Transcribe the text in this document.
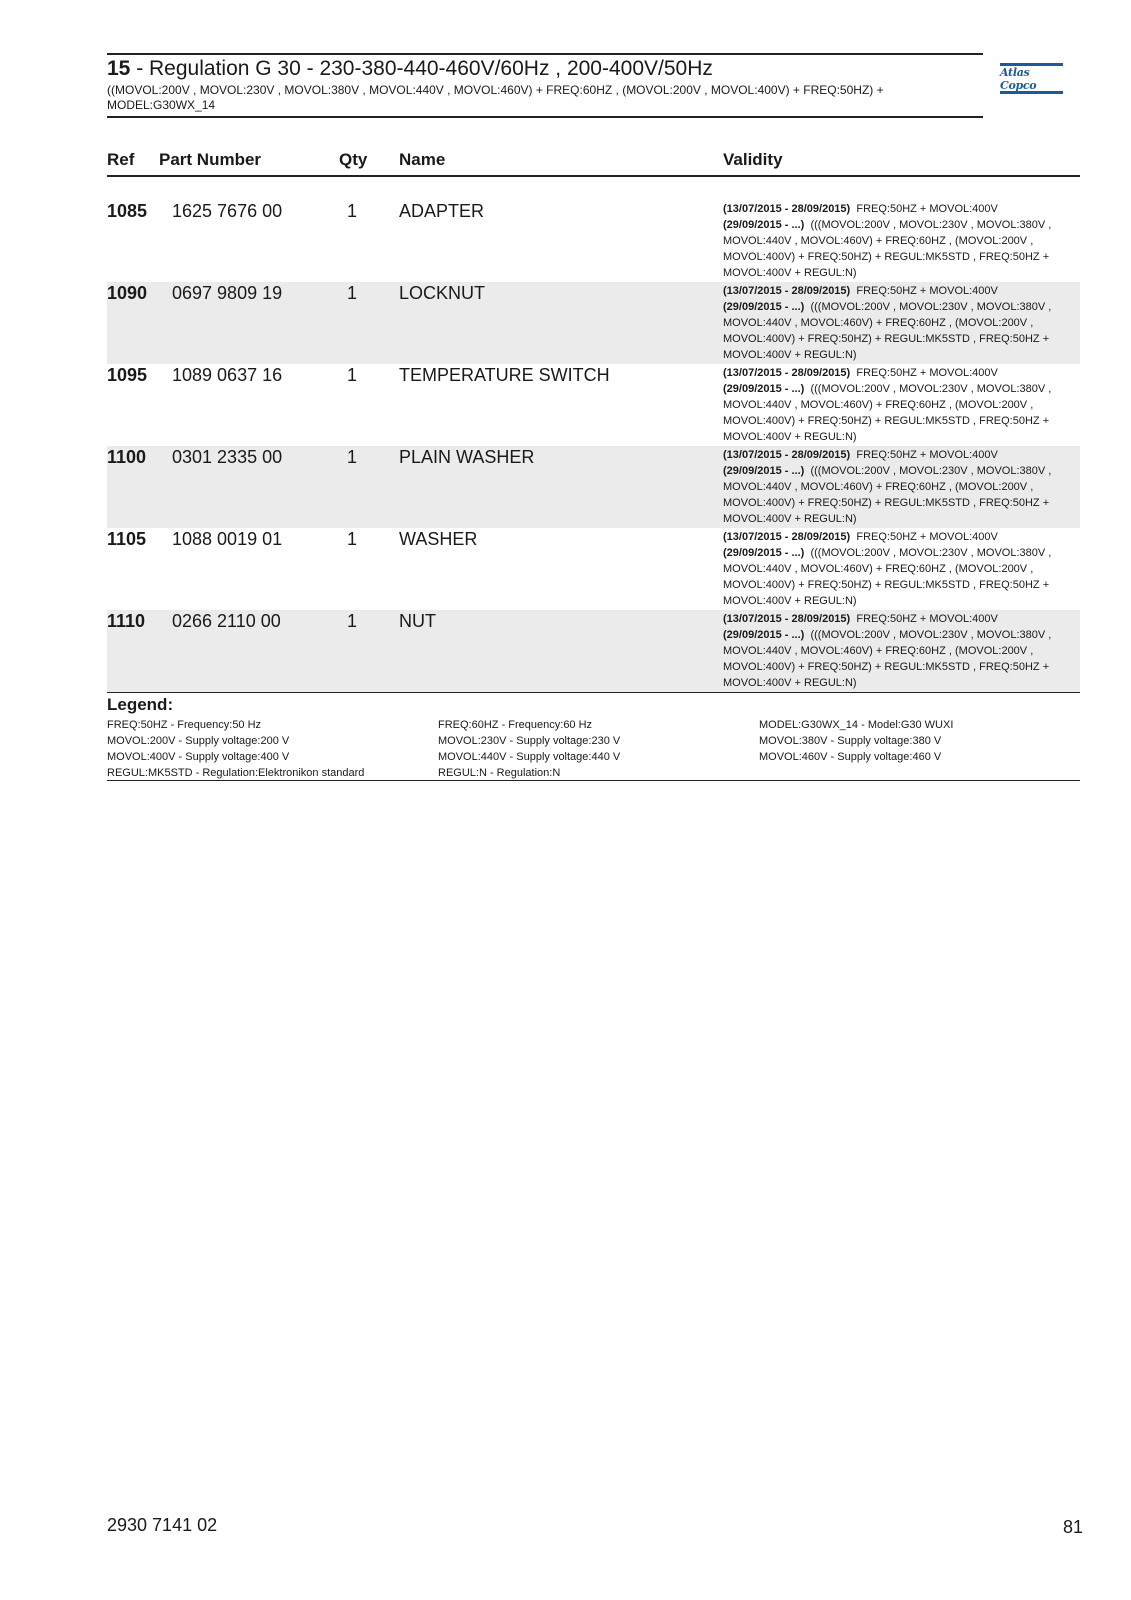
15 - Regulation G 30 - 230-380-440-460V/60Hz , 200-400V/50Hz
((MOVOL:200V , MOVOL:230V , MOVOL:380V , MOVOL:440V , MOVOL:460V) + FREQ:60HZ , (MOVOL:200V , MOVOL:400V) + FREQ:50HZ) + MODEL:G30WX_14
Atlas Copco
Ref Part Number	Qty Name	Validity
1085 1625 7676 00	1 ADAPTER	(13/07/2015 - 28/09/2015) FREQ:50HZ + MOVOL:400V
(29/09/2015 - ...) (((MOVOL:200V , MOVOL:230V , MOVOL:380V , MOVOL:440V , MOVOL:460V) + FREQ:60HZ , (MOVOL:200V , MOVOL:400V) + FREQ:50HZ) + REGUL:MK5STD , FREQ:50HZ + MOVOL:400V + REGUL:N)
1090 0697 9809 19	1 LOCKNUT	(13/07/2015 - 28/09/2015) FREQ:50HZ + MOVOL:400V
(29/09/2015 - ...) (((MOVOL:200V , MOVOL:230V , MOVOL:380V , MOVOL:440V , MOVOL:460V) + FREQ:60HZ , (MOVOL:200V , MOVOL:400V) + FREQ:50HZ) + REGUL:MK5STD , FREQ:50HZ + MOVOL:400V + REGUL:N)
1095 1089 0637 16	1 TEMPERATURE SWITCH	(13/07/2015 - 28/09/2015) FREQ:50HZ + MOVOL:400V
(29/09/2015 - ...) (((MOVOL:200V , MOVOL:230V , MOVOL:380V , MOVOL:440V , MOVOL:460V) + FREQ:60HZ , (MOVOL:200V , MOVOL:400V) + FREQ:50HZ) + REGUL:MK5STD , FREQ:50HZ + MOVOL:400V + REGUL:N)
1100 0301 2335 00	1 PLAIN WASHER	(13/07/2015 - 28/09/2015) FREQ:50HZ + MOVOL:400V
(29/09/2015 - ...) (((MOVOL:200V , MOVOL:230V , MOVOL:380V , MOVOL:440V , MOVOL:460V) + FREQ:60HZ , (MOVOL:200V , MOVOL:400V) + FREQ:50HZ) + REGUL:MK5STD , FREQ:50HZ + MOVOL:400V + REGUL:N)
1105 1088 0019 01	1 WASHER	(13/07/2015 - 28/09/2015) FREQ:50HZ + MOVOL:400V
(29/09/2015 - ...) (((MOVOL:200V , MOVOL:230V , MOVOL:380V , MOVOL:440V , MOVOL:460V) + FREQ:60HZ , (MOVOL:200V , MOVOL:400V) + FREQ:50HZ) + REGUL:MK5STD , FREQ:50HZ + MOVOL:400V + REGUL:N)
1110 0266 2110 00	1 NUT	(13/07/2015 - 28/09/2015) FREQ:50HZ + MOVOL:400V
(29/09/2015 - ...) (((MOVOL:200V , MOVOL:230V , MOVOL:380V , MOVOL:440V , MOVOL:460V) + FREQ:60HZ , (MOVOL:200V , MOVOL:400V) + FREQ:50HZ) + REGUL:MK5STD , FREQ:50HZ + MOVOL:400V + REGUL:N)
Legend:
FREQ:50HZ - Frequency:50 Hz
MOVOL:200V - Supply voltage:200 V
MOVOL:400V - Supply voltage:400 V
REGUL:MK5STD - Regulation:Elektronikon standard
FREQ:60HZ - Frequency:60 Hz
MOVOL:230V - Supply voltage:230 V
MOVOL:440V - Supply voltage:440 V
REGUL:N - Regulation:N
MODEL:G30WX_14 - Model:G30 WUXI
MOVOL:380V - Supply voltage:380 V
MOVOL:460V - Supply voltage:460 V
2930 7141 02	81
